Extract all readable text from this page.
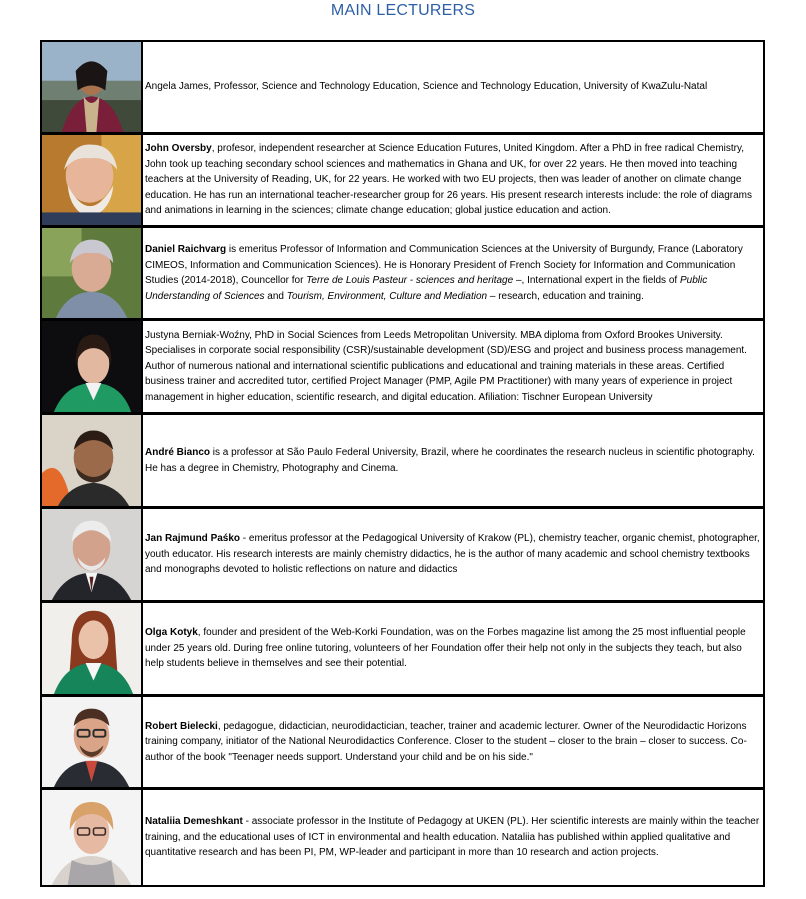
MAIN LECTURERS

Angela James, Professor, Science and Technology Education, Science and Technology Education, University of KwaZulu-Natal

John Oversby, profesor, independent researcher at Science Education Futures, United Kingdom. After a PhD in free radical Chemistry, John took up teaching secondary school sciences and mathematics in Ghana and UK, for over 22 years. He then moved into teaching teachers at the University of Reading, UK, for 22 years. He worked with two EU projects, then was leader of another on climate change education. He has run an international teacher-researcher group for 26 years. His present research interests include: the role of diagrams and animations in learning in the sciences; climate change education; global justice education and action.

Daniel Raichvarg is emeritus Professor of Information and Communication Sciences at the University of Burgundy, France (Laboratory CIMEOS, Information and Communication Sciences). He is Honorary President of French Society for Information and Communication Studies (2014-2018), Councellor for Terre de Louis Pasteur - sciences and heritage –, International expert in the fields of Public Understanding of Sciences and Tourism, Environment, Culture and Mediation – research, education and training.

Justyna Berniak-Woźny, PhD in Social Sciences from Leeds Metropolitan University. MBA diploma from Oxford Brookes University. Specialises in corporate social responsibility (CSR)/sustainable development (SD)/ESG and project and business process management. Author of numerous national and international scientific publications and educational and training materials in these areas. Certified business trainer and accredited tutor, certified Project Manager (PMP, Agile PM Practitioner) with many years of experience in project management in higher education, scientific research, and digital education. Afiliation: Tischner European University

André Bianco is a professor at São Paulo Federal University, Brazil, where he coordinates the research nucleus in scientific photography. He has a degree in Chemistry, Photography and Cinema.

Jan Rajmund Paśko - emeritus professor at the Pedagogical University of Krakow (PL), chemistry teacher, organic chemist, photographer, youth educator. His research interests are mainly chemistry didactics, he is the author of many academic and school chemistry textbooks and monographs devoted to holistic reflections on nature and didactics

Olga Kotyk, founder and president of the Web-Korki Foundation, was on the Forbes magazine list among the 25 most influential people under 25 years old. During free online tutoring, volunteers of her Foundation offer their help not only in the subjects they teach, but also help students believe in themselves and see their potential.

Robert Bielecki, pedagogue, didactician, neurodidactician, teacher, trainer and academic lecturer. Owner of the Neurodidactic Horizons training company, initiator of the National Neurodidactics Conference. Closer to the student – closer to the brain – closer to success. Co-author of the book "Teenager needs support. Understand your child and be on his side."

Nataliia Demeshkant - associate professor in the Institute of Pedagogy at UKEN (PL). Her scientific interests are mainly within the teacher training, and the educational uses of ICT in environmental and health education. Nataliia has published within applied qualitative and quantitative research and has been PI, PM, WP-leader and participant in more than 10 research and action projects.
